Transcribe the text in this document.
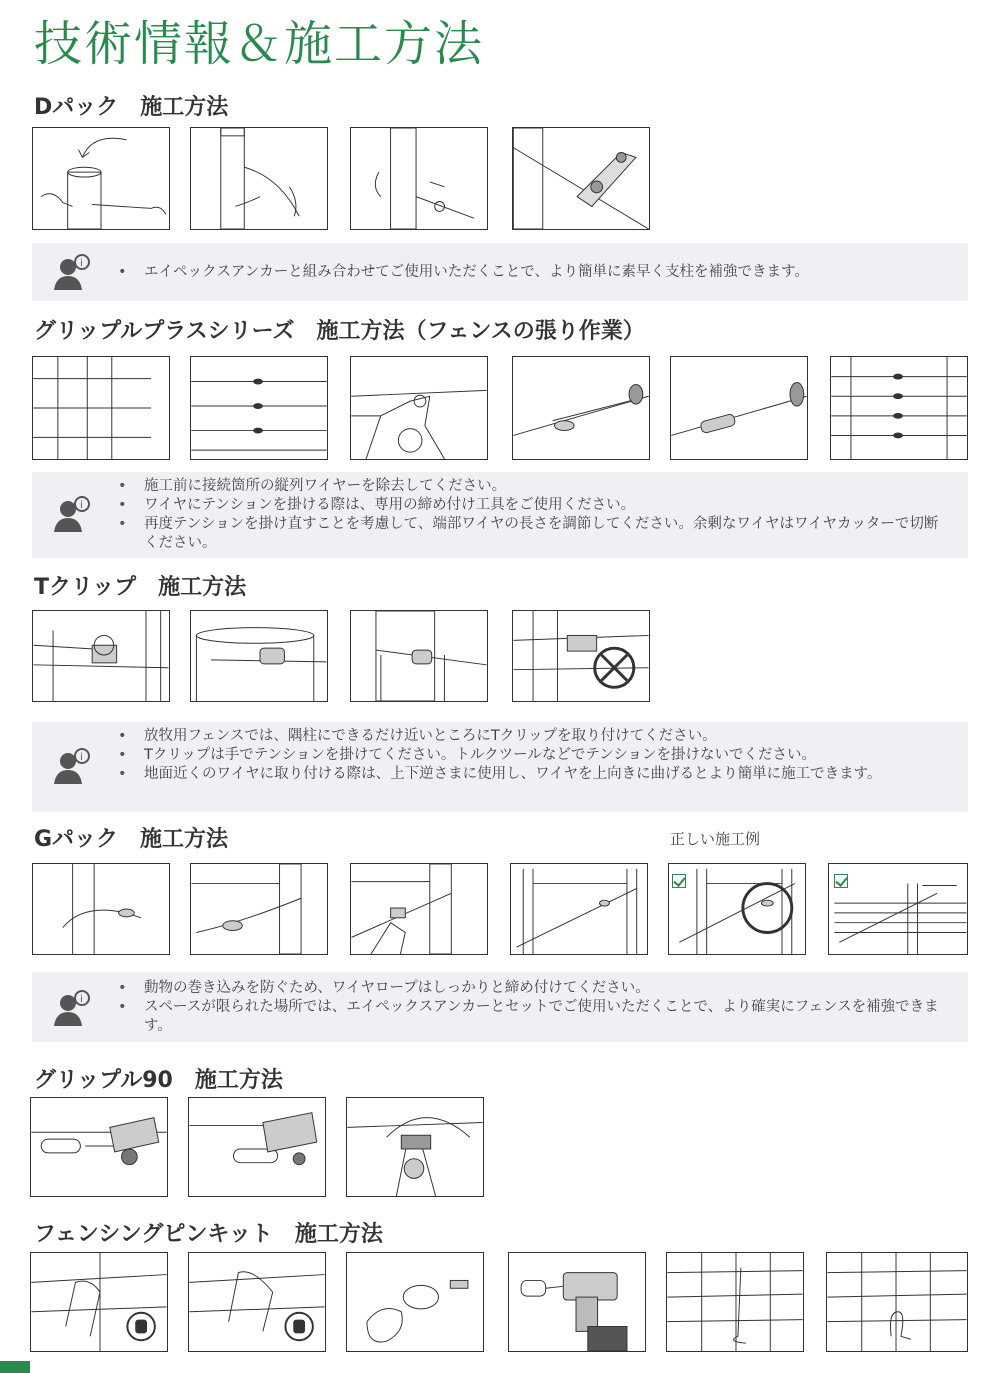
技術情報＆施工方法
Dパック　施工方法
i
• エイペックスアンカーと組み合わせてご使用いただくことで、より簡単に素早く支柱を補強できます。
グリップルプラスシリーズ　施工方法（フェンスの張り作業）
i
• 施工前に接続箇所の縦列ワイヤーを除去してください。
• ワイヤにテンションを掛ける際は、専用の締め付け工具をご使用ください。
• 再度テンションを掛け直すことを考慮して、端部ワイヤの長さを調節してください。余剰なワイヤはワイヤカッターで切断ください。
Tクリップ　施工方法
i
• 放牧用フェンスでは、隅柱にできるだけ近いところにTクリップを取り付けてください。
• Tクリップは手でテンションを掛けてください。トルクツールなどでテンションを掛けないでください。
• 地面近くのワイヤに取り付ける際は、上下逆さまに使用し、ワイヤを上向きに曲げるとより簡単に施工できます。
Gパック　施工方法	正しい施工例
i
• 動物の巻き込みを防ぐため、ワイヤロープはしっかりと締め付けてください。
• スペースが限られた場所では、エイペックスアンカーとセットでご使用いただくことで、より確実にフェンスを補強できます。
グリップル90　施工方法
フェンシングピンキット　施工方法
